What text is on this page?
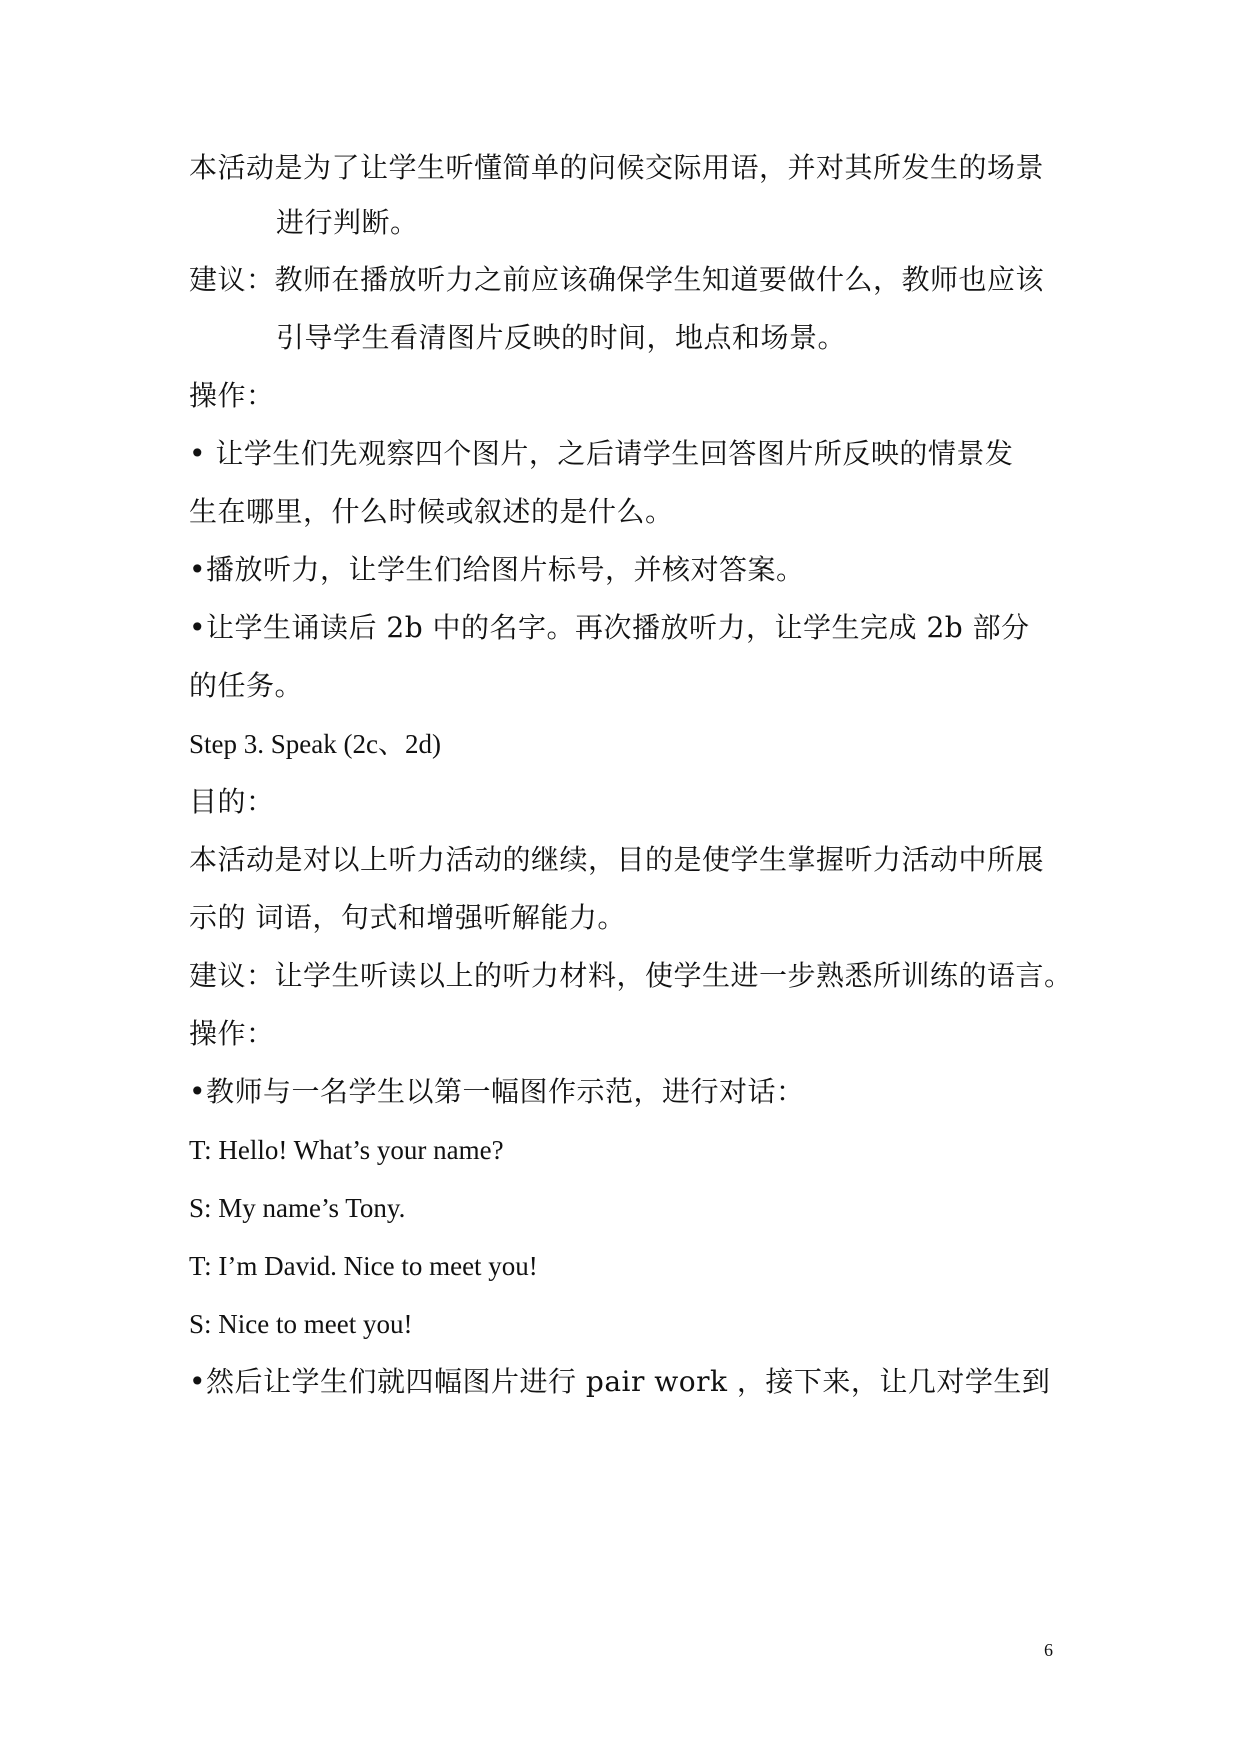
本活动是为了让学生听懂简单的问候交际用语，并对其所发生的场景
进行判断。
建议：教师在播放听力之前应该确保学生知道要做什么，教师也应该
引导学生看清图片反映的时间，地点和场景。
操作：
• 让学生们先观察四个图片，之后请学生回答图片所反映的情景发
生在哪里，什么时候或叙述的是什么。
•播放听力，让学生们给图片标号，并核对答案。
•让学生诵读后 2b 中的名字。再次播放听力，让学生完成 2b 部分
的任务。
Step 3. Speak (2c、2d)
目的：
本活动是对以上听力活动的继续，目的是使学生掌握听力活动中所展
示的 词语，句式和增强听解能力。
建议：让学生听读以上的听力材料，使学生进一步熟悉所训练的语言。
操作：
•教师与一名学生以第一幅图作示范，进行对话：
T: Hello! What’s your name?
S: My name’s Tony.
T: I’m David. Nice to meet you!
S: Nice to meet you!
•然后让学生们就四幅图片进行 pair work ，接下来，让几对学生到
6
